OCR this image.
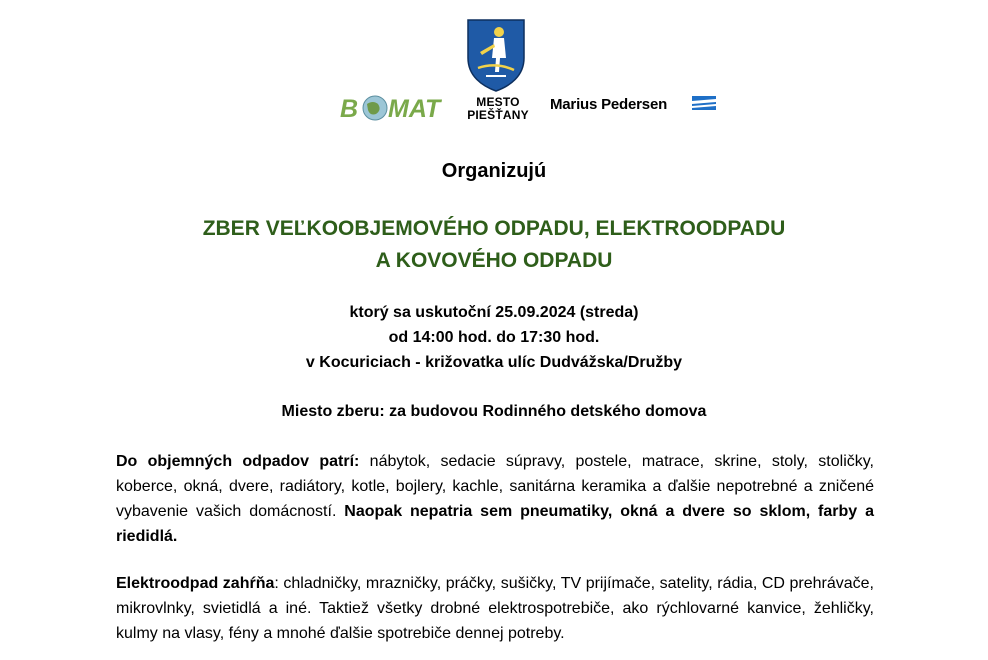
B MAT	MESTO
PIEŠŤANY
Marius Pedersen
Organizujú
ZBER VEĽKOOBJEMOVÉHO ODPADU, ELEKTROODPADU
A KOVOVÉHO ODPADU
ktorý sa uskutoční 25.09.2024 (streda)
od 14:00 hod. do 17:30 hod.
v Kocuriciach - križovatka ulíc Dudvážska/Družby
Miesto zberu: za budovou Rodinného detského domova
Do objemných odpadov patrí: nábytok, sedacie súpravy, postele, matrace, skrine, stoly, stoličky, koberce, okná, dvere, radiátory, kotle, bojlery, kachle, sanitárna keramika a ďalšie nepotrebné a zničené vybavenie vašich domácností. Naopak nepatria sem pneumatiky, okná a dvere so sklom, farby a riedidlá.
Elektroodpad zahŕňa: chladničky, mrazničky, práčky, sušičky, TV prijímače, satelity, rádia, CD prehrávače, mikrovlnky, svietidlá a iné. Taktiež všetky drobné elektrospotrebiče, ako rýchlovarné kanvice, žehličky, kulmy na vlasy, fény a mnohé ďalšie spotrebiče dennej potreby.
